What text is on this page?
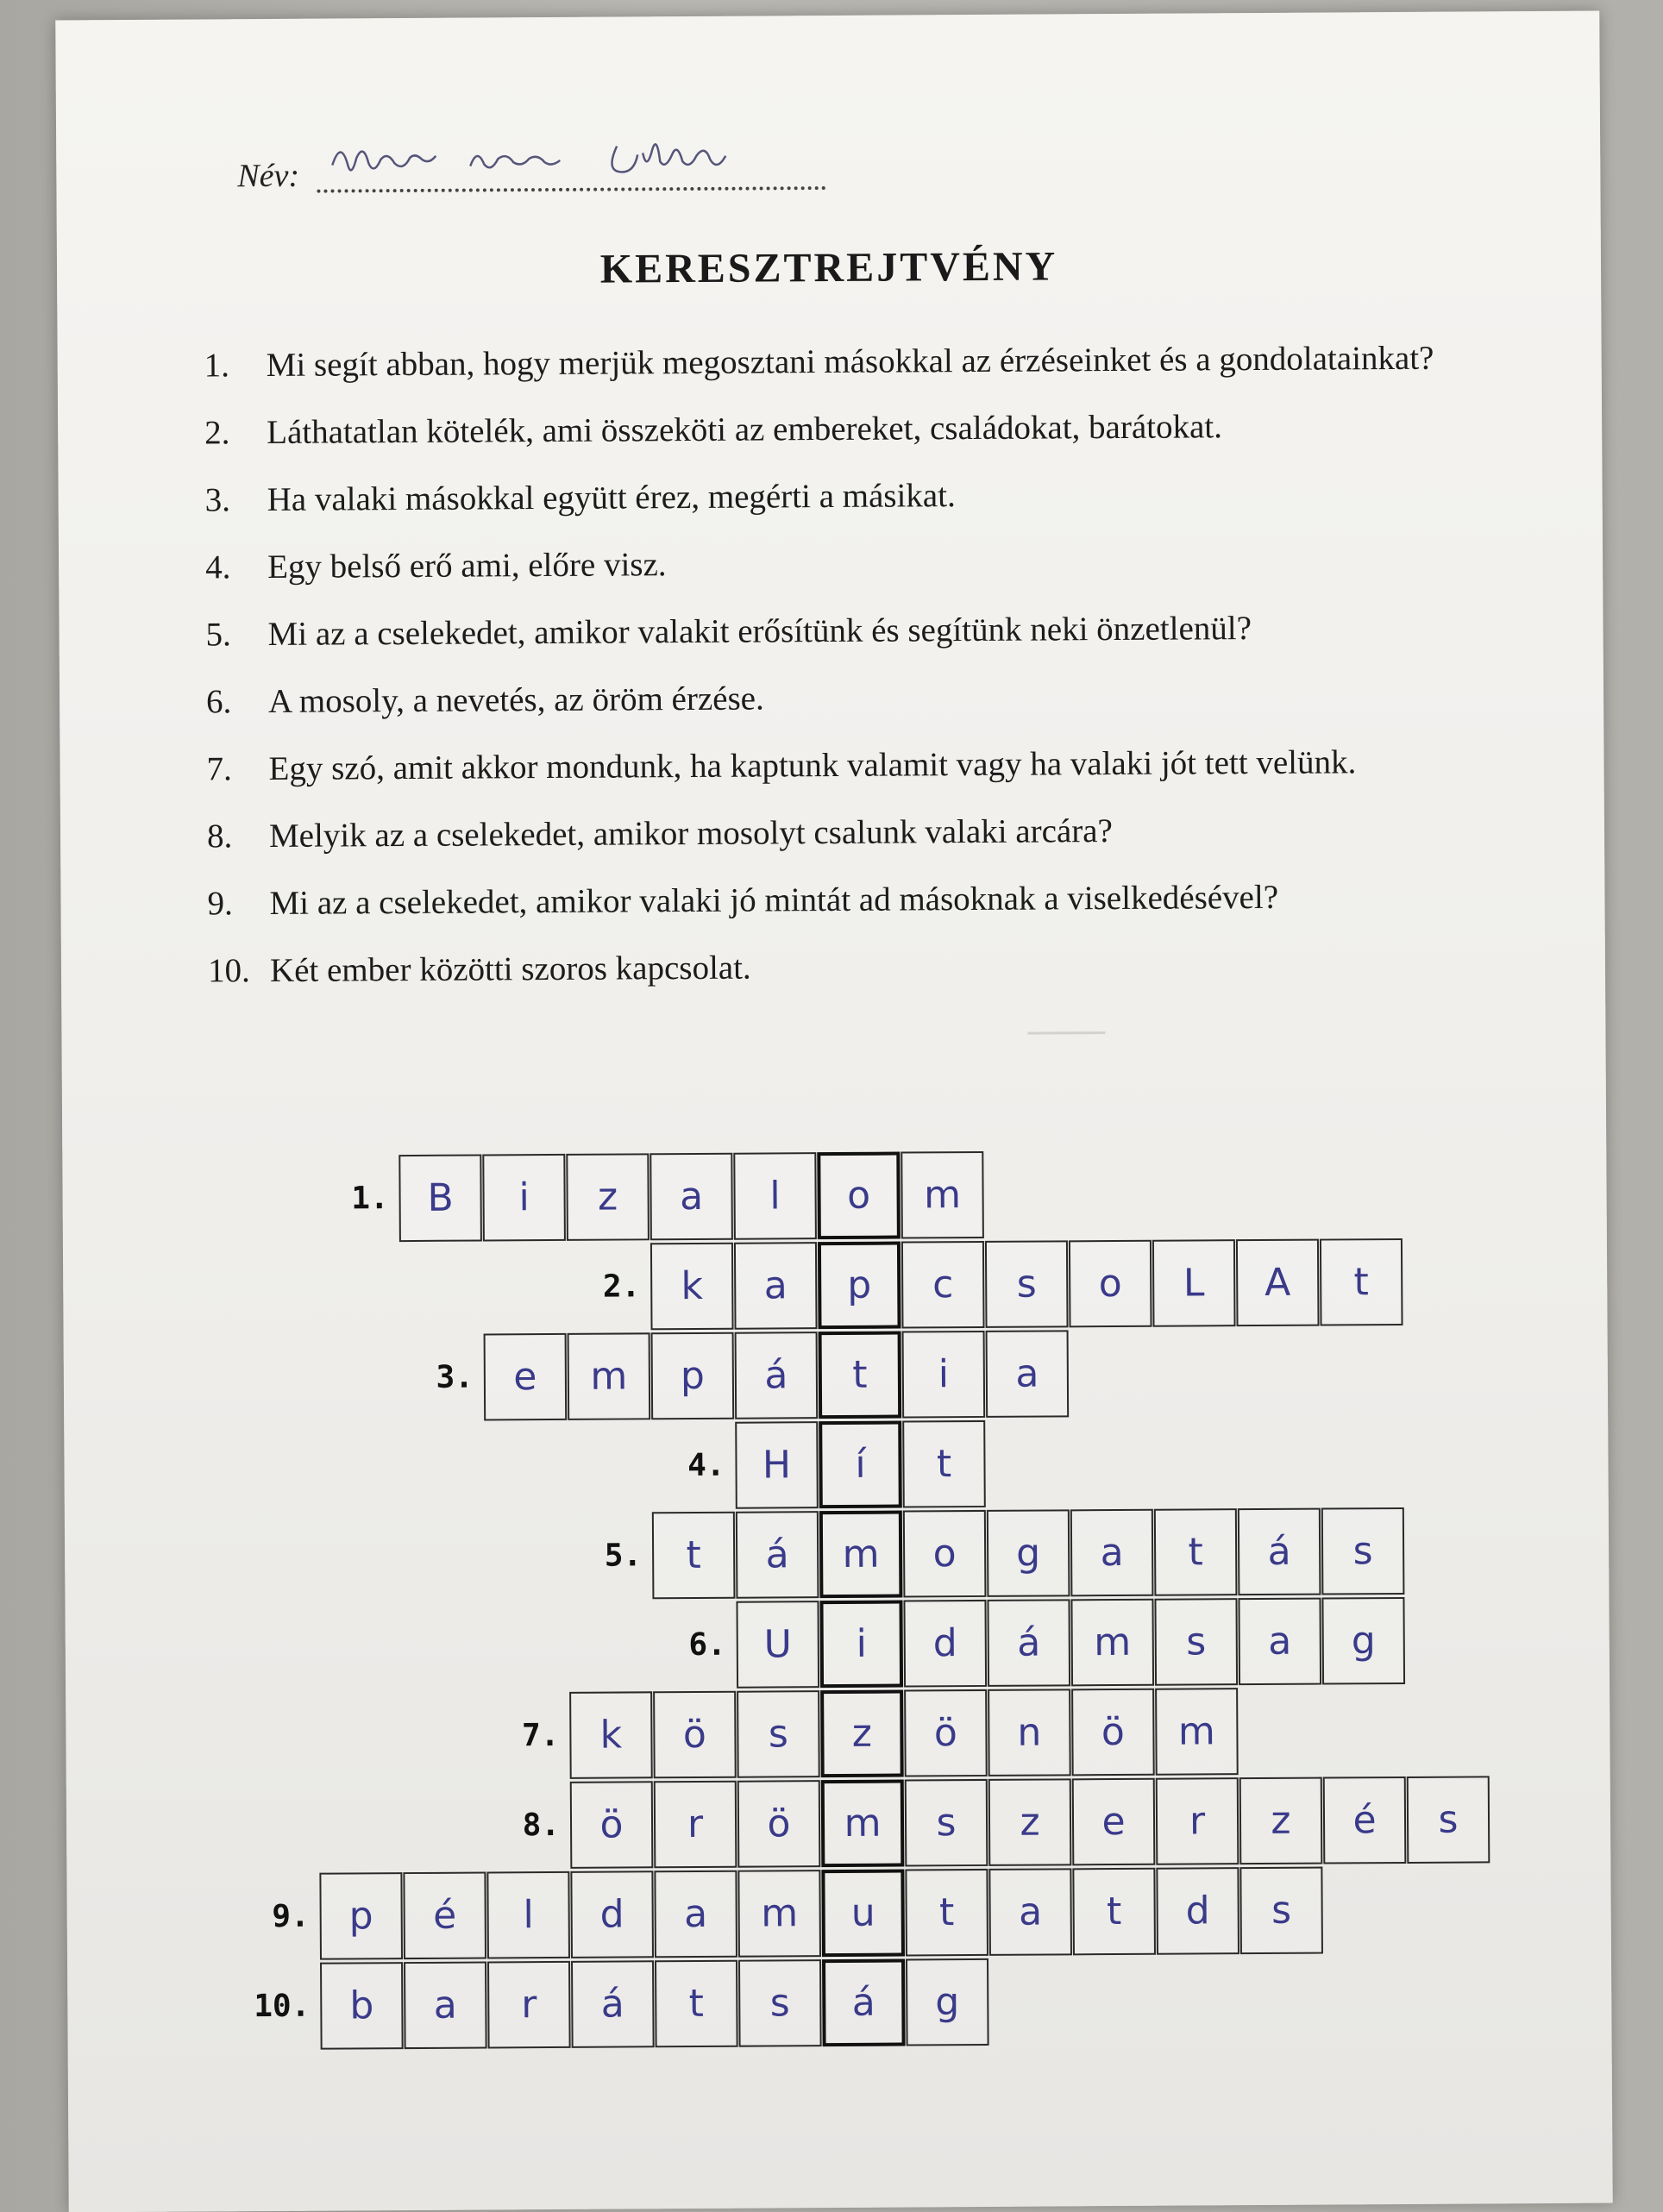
Név:
KERESZTREJTVÉNY
1. Mi segít abban, hogy merjük megosztani másokkal az érzéseinket és a gondolatainkat?
2. Láthatatlan kötelék, ami összeköti az embereket, családokat, barátokat.
3. Ha valaki másokkal együtt érez, megérti a másikat.
4. Egy belső erő ami, előre visz.
5. Mi az a cselekedet, amikor valakit erősítünk és segítünk neki önzetlenül?
6. A mosoly, a nevetés, az öröm érzése.
7. Egy szó, amit akkor mondunk, ha kaptunk valamit vagy ha valaki jót tett velünk.
8. Melyik az a cselekedet, amikor mosolyt csalunk valaki arcára?
9. Mi az a cselekedet, amikor valaki jó mintát ad másoknak a viselkedésével?
10. Két ember közötti szoros kapcsolat.
1.	B	i	z	a	l	o	m
2.	k	a	p	c	s	o	L	A	t
3.	e	m	p	á	t	i	a
4. H	í	t
5.	t	á	m	o	g	a	t	á	s
6. U	i	d	á	m	s	a	g
7.	k	ö	s	z	ö	n	ö	m
8.	ö	r	ö	m	s	z	e	r	z	é	s
9.	p	é	l	d	a	m	u	t	a	t	d	s
10.	b	a	r	á	t	s	á	g
